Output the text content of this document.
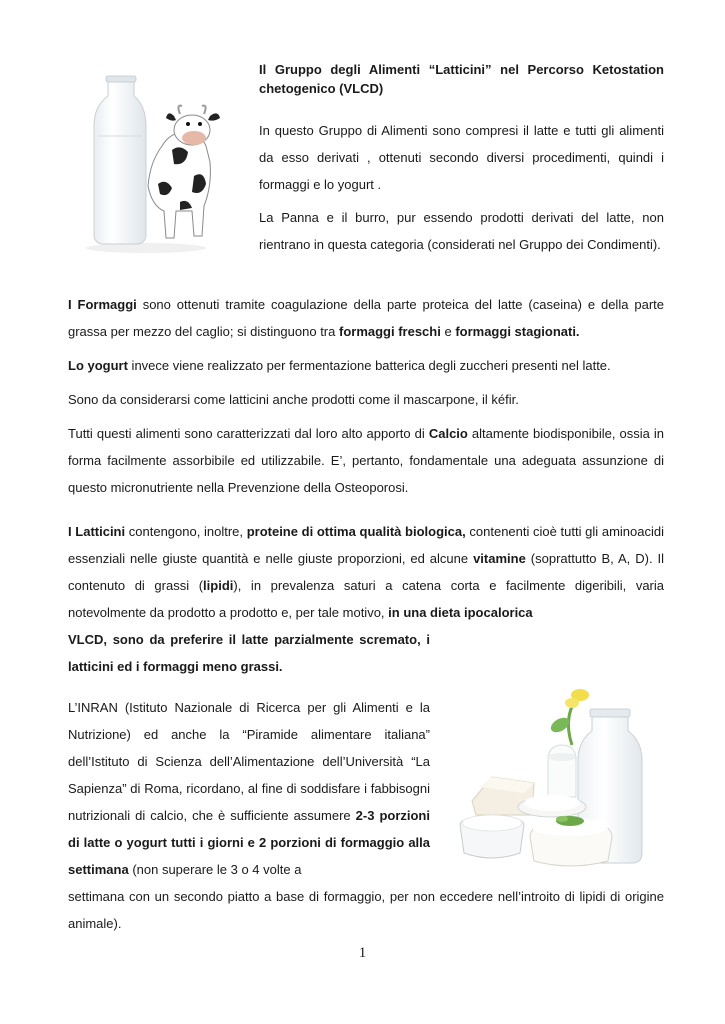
Il Gruppo degli Alimenti “Latticini” nel Percorso Ketostation

chetogenico (VLCD)

In questo Gruppo di Alimenti sono compresi il latte e tutti gli alimenti da esso derivati , ottenuti secondo diversi procedimenti, quindi i formaggi e lo yogurt .

La Panna e il burro, pur essendo prodotti derivati del latte, non rientrano in questa categoria (considerati nel Gruppo dei Condimenti).

I Formaggi sono ottenuti tramite coagulazione della parte proteica del latte (caseina) e della parte grassa per mezzo del caglio; si distinguono tra formaggi freschi e formaggi stagionati.

Lo yogurt invece viene realizzato per fermentazione batterica degli zuccheri presenti nel latte.

Sono da considerarsi come latticini anche prodotti come il mascarpone, il kéfir.

Tutti questi alimenti sono caratterizzati dal loro alto apporto di Calcio altamente biodisponibile, ossia in forma facilmente assorbibile ed utilizzabile. E’, pertanto, fondamentale una adeguata assunzione di questo micronutriente nella Prevenzione della Osteoporosi.

I Latticini contengono, inoltre, proteine di ottima qualità biologica, contenenti cioè tutti gli aminoacidi essenziali nelle giuste quantità e nelle giuste proporzioni, ed alcune vitamine (soprattutto B, A, D). Il contenuto di grassi (lipidi), in prevalenza saturi a catena corta e facilmente digeribili, varia notevolmente da prodotto a prodotto e, per tale motivo, in una dieta ipocalorica

VLCD, sono da preferire il latte parzialmente scremato, i

latticini ed i formaggi meno grassi.

L’INRAN (Istituto Nazionale di Ricerca per gli Alimenti e la Nutrizione) ed anche la “Piramide alimentare italiana” dell’Istituto di Scienza dell’Alimentazione dell’Università “La Sapienza” di Roma, ricordano, al fine di soddisfare i fabbisogni nutrizionali di calcio, che è sufficiente assumere 2-3 porzioni di latte o yogurt tutti i giorni e 2 porzioni di formaggio alla settimana (non superare le 3 o 4 volte a

settimana con un secondo piatto a base di formaggio, per non eccedere nell’introito di lipidi di origine animale).

1
